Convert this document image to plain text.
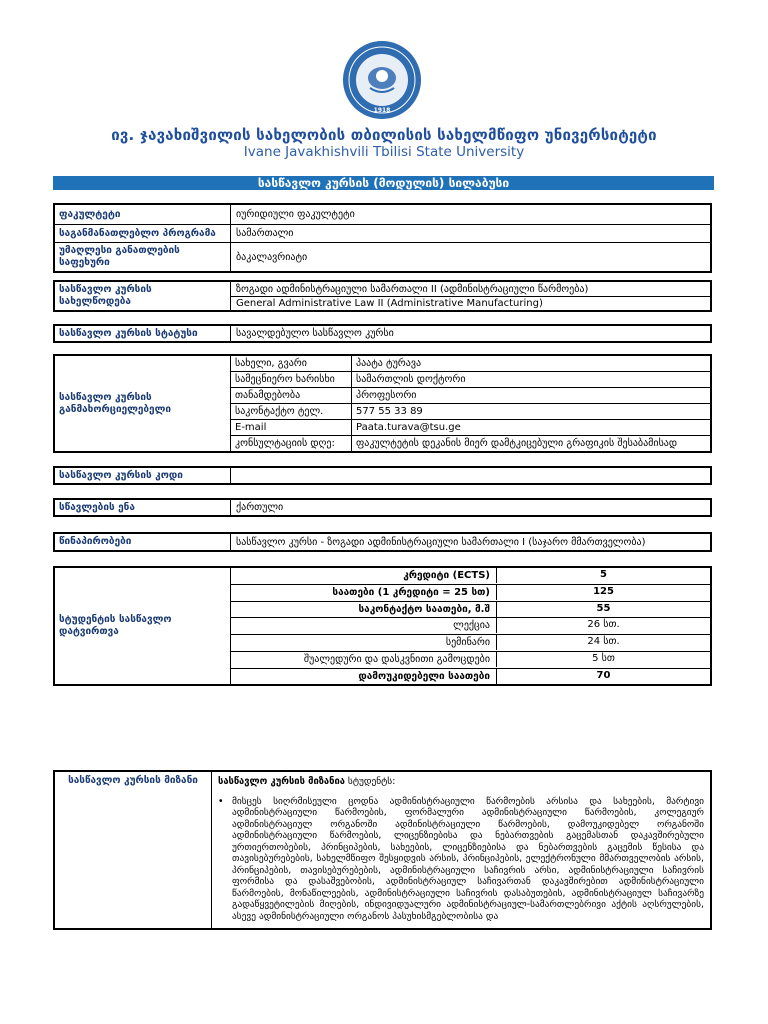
1918
ივ. ჯავახიშვილის სახელობის თბილისის სახელმწიფო უნივერსიტეტი
Ivane Javakhishvili Tbilisi State University
სასწავლო კურსის (მოდულის) სილაბუსი
ფაკულტეტი	იურიდიული ფაკულტეტი
საგანმანათლებლო პროგრამა	სამართალი
უმაღლესი განათლების საფეხური	ბაკალავრიატი
სასწავლო კურსის სახელწოდება
ზოგადი ადმინისტრაციული სამართალი II (ადმინისტრაციული წარმოება)
General Administrative Law II (Administrative Manufacturing)
სასწავლო კურსის სტატუსი	სავალდებულო სასწავლო კურსი
სასწავლო კურსის განმახორციელებელი
სახელი, გვარი	პაატა ტურავა
სამეცნიერო ხარისხი	სამართლის დოქტორი
თანამდებობა	პროფესორი
საკონტაქტო ტელ.	577 55 33 89
E-mail	Paata.turava@tsu.ge
კონსულტაციის დღე:	ფაკულტეტის დეკანის მიერ დამტკიცებული გრაფიკის შესაბამისად
სასწავლო კურსის კოდი
სწავლების ენა	ქართული
წინაპირობები	სასწავლო კურსი - ზოგადი ადმინისტრაციული სამართალი I (საჯარო მმართველობა)
სტუდენტის სასწავლო დატვირთვა
კრედიტი (ECTS)	5
საათები (1 კრედიტი = 25 სთ)	125
საკონტაქტო საათები, მ.შ	55
ლექცია	26 სთ.
სემინარი	24 სთ.
შუალედური და დასკვნითი გამოცდები	5 სთ
დამოუკიდებელი საათები	70
სასწავლო კურსის მიზანი	სასწავლო კურსის მიზანია სტუდენტს:
• მისცეს სიღრმისეული ცოდნა ადმინისტრაციული წარმოების არსისა და სახეების, მარტივი ადმინისტრაციული წარმოების, ფორმალური ადმინისტრაციული წარმოების, კოლეგიურ ადმინისტრაციულ ორგანოში ადმინისტრაციული წარმოების, დამოუკიდებელ ორგანოში ადმინისტრაციული წარმოების, ლიცენზიებისა და ნებართვების გაცემასთან დაკავშირებული ურთიერთობების, პრინციპების, სახეების, ლიცენზიებისა და ნებართვების გაცემის წესისა და თავისებურებების, სახელმწიფო შესყიდვის არსის, პრინციპების, ელექტრონული მმართველობის არსის, პრინციპების, თავისებურებების, ადმინისტრაციული საჩივრის არსი, ადმინისტრაციული საჩივრის ფორმისა და დასაშვებობის, ადმინისტრაციულ საჩივართან დაკავშირებით ადმინისტრაციული წარმოების, მონაწილეების, ადმინისტრაციული საჩივრის დასაბუთების, ადმინისტრაციულ საჩივარზე გადაწყვეტილების მიღების, ინდივიდუალური ადმინისტრაციულ-სამართლებრივი აქტის აღსრულების, ასევე ადმინისტრაციული ორგანოს პასუხისმგებლობისა და
